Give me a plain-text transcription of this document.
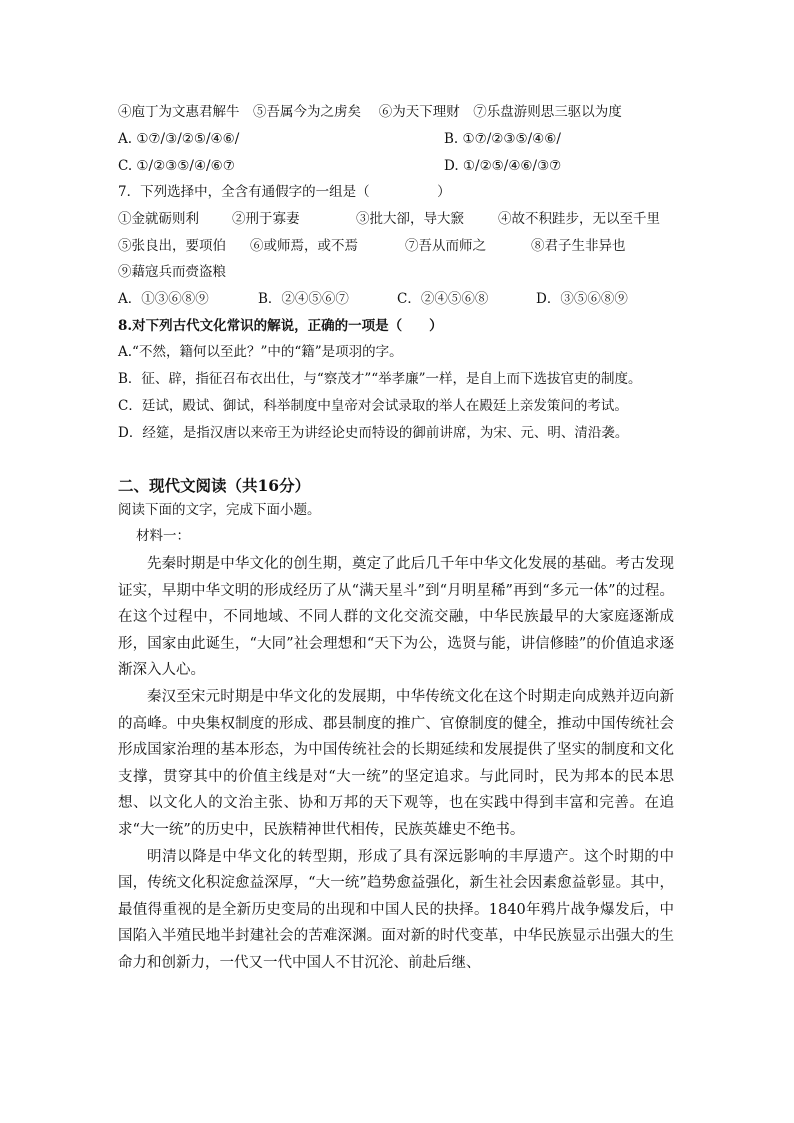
④庖丁为文惠君解牛　⑤吾属今为之虏矣　 ⑥为天下理财　⑦乐盘游则思三驱以为度
A. ①⑦/③/②⑤/④⑥/	B. ①⑦/②③⑤/④⑥/
C. ①/②③⑤/④/⑥⑦	D. ①/②⑤/④⑥/③⑦
7．下列选择中，全含有通假字的一组是（　　　　　）
①金就砺则利 ②刑于寡妻	③批大卻，导大窾	④故不积跬步，无以至千里
⑤张良出，要项伯 ⑥或师焉，或不焉	⑦吾从而师之	⑧君子生非异也
⑨藉寇兵而赍盗粮
A．①③⑥⑧⑨	B．②④⑤⑥⑦	C．②④⑤⑥⑧	D．③⑤⑥⑧⑨
8.对下列古代文化常识的解说，正确的一项是（　　）
A.“不然，籍何以至此？”中的“籍”是项羽的字。
B．征、辟，指征召布衣出仕，与“察茂才”“举孝廉”一样，是自上而下选拔官吏的制度。
C．廷试，殿试、御试，科举制度中皇帝对会试录取的举人在殿廷上亲发策问的考试。
D．经筵，是指汉唐以来帝王为讲经论史而特设的御前讲席，为宋、元、明、清沿袭。
二、现代文阅读（共16分）
阅读下面的文字，完成下面小题。
材料一：

先秦时期是中华文化的创生期，奠定了此后几千年中华文化发展的基础。考古发现证实，早期中华文明的形成经历了从“满天星斗”到“月明星稀”再到“多元一体”的过程。在这个过程中，不同地域、不同人群的文化交流交融，中华民族最早的大家庭逐渐成形，国家由此诞生，“大同”社会理想和“天下为公，选贤与能，讲信修睦”的价值追求逐渐深入人心。

秦汉至宋元时期是中华文化的发展期，中华传统文化在这个时期走向成熟并迈向新的高峰。中央集权制度的形成、郡县制度的推广、官僚制度的健全，推动中国传统社会形成国家治理的基本形态，为中国传统社会的长期延续和发展提供了坚实的制度和文化支撑，贯穿其中的价值主线是对“大一统”的坚定追求。与此同时，民为邦本的民本思想、以文化人的文治主张、协和万邦的天下观等，也在实践中得到丰富和完善。在追求“大一统”的历史中，民族精神世代相传，民族英雄史不绝书。

明清以降是中华文化的转型期，形成了具有深远影响的丰厚遗产。这个时期的中国，传统文化积淀愈益深厚，“大一统”趋势愈益强化，新生社会因素愈益彰显。其中，最值得重视的是全新历史变局的出现和中国人民的抉择。1840年鸦片战争爆发后，中国陷入半殖民地半封建社会的苦难深渊。面对新的时代变革，中华民族显示出强大的生命力和创新力，一代又一代中国人不甘沉沦、前赴后继、
